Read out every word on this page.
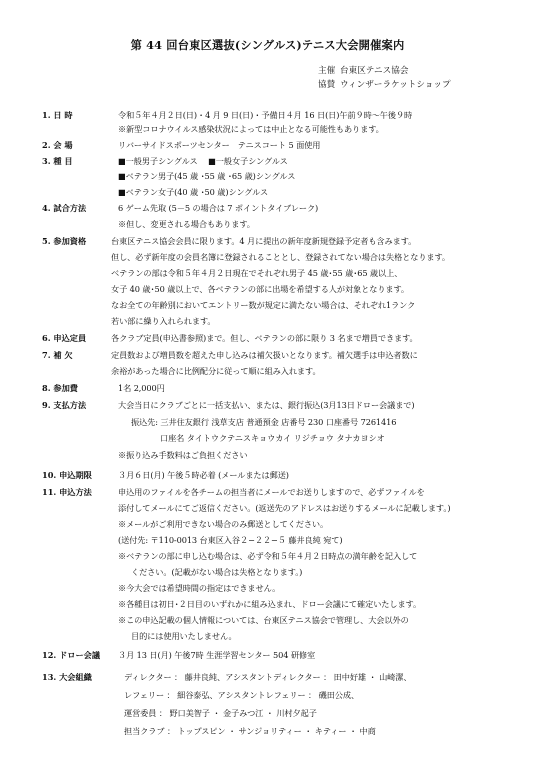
第 44 回台東区選抜(シングルス)テニス大会開催案内
主催 台東区テニス協会
協賛 ウィンザーラケットショップ
1. 日 時	令和５年４月２日(日)・4 月 9 日(日)・予備日４月 16 日(日)午前９時～午後９時
※新型コロナウイルス感染状況によっては中止となる可能性もあります。
2. 会 場	リバーサイドスポーツセンター　テニスコート 5 面使用
3. 種 目	■一般男子シングルス　 ■一般女子シングルス
■ベテラン男子(45 歳 ･55 歳 ･65 歳)シングルス
■ベテラン女子(40 歳 ･50 歳)シングルス
4. 試合方法	6 ゲーム先取 (5－5 の場合は 7 ポイントタイブレーク)
※但し、変更される場合もあります。
5. 参加資格	台東区テニス協会会員に限ります。4 月に提出の新年度新規登録予定者も含みます。
但し、必ず新年度の会員名簿に登録されることとし、登録されてない場合は失格となります。
ベテランの部は令和５年４月２日現在でそれぞれ男子 45 歳･55 歳･65 歳以上、
女子 40 歳･50 歳以上で、各ベテランの部に出場を希望する人が対象となります。
なお全ての年齢別においてエントリー数が規定に満たない場合は、それぞれ1ランク
若い部に繰り入れられます。
6. 申込定員	各クラブ定員(申込書参照)まで。但し、ベテランの部に限り 3 名まで増員できます。
7. 補 欠	定員数および増員数を超えた申し込みは補欠扱いとなります。補欠選手は申込者数に
余裕があった場合に比例配分に従って順に組み入れます。
8. 参加費	1名 2,000円
9. 支払方法	大会当日にクラブごとに一括支払い、または、銀行振込(3月13日ドロー会議まで)
振込先: 三井住友銀行 浅草支店 普通預金 店番号 230 口座番号 7261416
口座名 タイトウクテニスキョウカイ リジチョウ タナカヨシオ
※振り込み手数料はご負担ください
10. 申込期限	３月６日(月) 午後５時必着 (メールまたは郵送)
11. 申込方法	申込用のファイルを各チームの担当者にメールでお送りしますので、必ずファイルを
添付してメールにてご返信ください。(返送先のアドレスはお送りするメールに記載します。)
※メールがご利用できない場合のみ郵送としてください。
(送付先: 〒110-0013 台東区入谷２−２２−５ 藤井良純 宛て)
※ベテランの部に申し込む場合は、必ず令和５年４月２日時点の満年齢を記入して
ください。(記載がない場合は失格となります。)
※今大会では希望時間の指定はできません。
※各種目は初日･２日目のいずれかに組み込まれ、ドロー会議にて確定いたします。
※この申込記載の個人情報については、台東区テニス協会で管理し、大会以外の
目的には使用いたしません。
12. ドロー会議 ３月 13 日(月) 午後7時 生涯学習センター 504 研修室
13. 大会組織	ディレクター ： 藤井良純、アシスタントディレクター ： 田中好雄 ・ 山崎潔、
レフェリー ： 細谷泰弘、アシスタントレフェリー ： 磯田公成、
運営委員 ： 野口美智子 ・ 金子みつ江 ・ 川村夕起子
担当クラブ ： トップスピン ・ サンジョリティー ・ キティー ・ 中商
